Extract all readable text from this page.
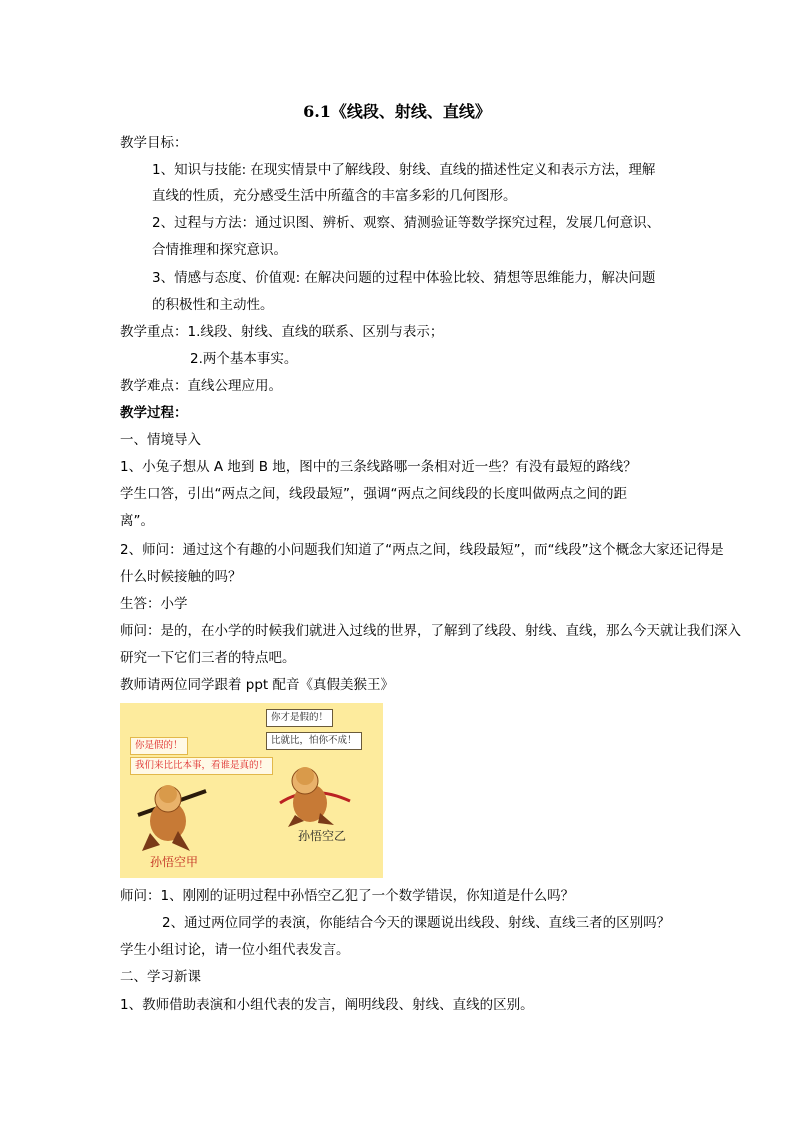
6.1《线段、射线、直线》
教学目标：
1、知识与技能: 在现实情景中了解线段、射线、直线的描述性定义和表示方法，理解
直线的性质，充分感受生活中所蕴含的丰富多彩的几何图形。
2、过程与方法：通过识图、辨析、观察、猜测验证等数学探究过程，发展几何意识、
合情推理和探究意识。
3、情感与态度、价值观: 在解决问题的过程中体验比较、猜想等思维能力，解决问题
的积极性和主动性。
教学重点：1.线段、射线、直线的联系、区别与表示；
2.两个基本事实。
教学难点：直线公理应用。
教学过程：
一、情境导入
1、小兔子想从 A 地到 B 地，图中的三条线路哪一条相对近一些？有没有最短的路线？
学生口答，引出“两点之间，线段最短”，强调“两点之间线段的长度叫做两点之间的距
离”。
2、师问：通过这个有趣的小问题我们知道了“两点之间，线段最短”，而“线段”这个概念大家还记得是
什么时候接触的吗？
生答：小学
师问：是的，在小学的时候我们就进入过线的世界，了解到了线段、射线、直线，那么今天就让我们深入
研究一下它们三者的特点吧。
教师请两位同学跟着 ppt 配音《真假美猴王》
你才是假的！
比就比，怕你不成！
你是假的！
我们来比比本事，看谁是真的！
孙悟空乙
孙悟空甲
师问：1、刚刚的证明过程中孙悟空乙犯了一个数学错误，你知道是什么吗？
2、通过两位同学的表演，你能结合今天的课题说出线段、射线、直线三者的区别吗？
学生小组讨论，请一位小组代表发言。
二、学习新课
1、教师借助表演和小组代表的发言，阐明线段、射线、直线的区别。
